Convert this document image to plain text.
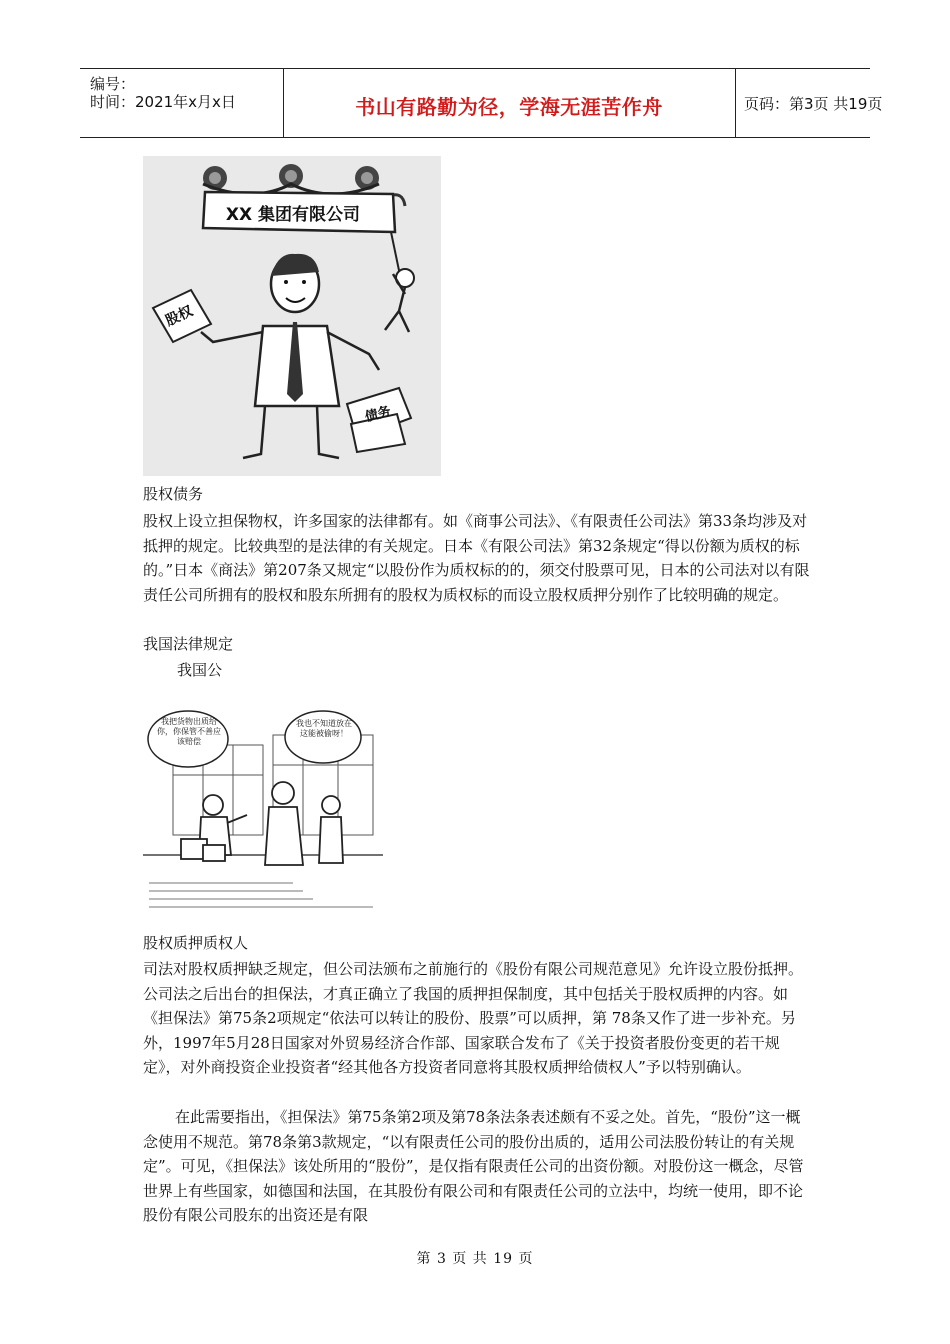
编号：
时间：2021年x月x日	书山有路勤为径，学海无涯苦作舟	页码：第3页 共19页
XX 集团有限公司
股权
债务
股权债务
股权上设立担保物权，许多国家的法律都有。如《商事公司法》、《有限责任公司法》第33条均涉及对抵押的规定。比较典型的是法律的有关规定。日本《有限公司法》第32条规定“得以份额为质权的标的。”日本《商法》第207条又规定“以股份作为质权标的的，须交付股票可见，日本的公司法对以有限责任公司所拥有的股权和股东所拥有的股权为质权标的而设立股权质押分别作了比较明确的规定。
我国法律规定
我国公
我把货物出质给你，你保管不善应该赔偿
我也不知道放在这能被偷呀！
股权质押质权人
司法对股权质押缺乏规定，但公司法颁布之前施行的《股份有限公司规范意见》允许设立股份抵押。公司法之后出台的担保法，才真正确立了我国的质押担保制度，其中包括关于股权质押的内容。如《担保法》第75条2项规定“依法可以转让的股份、股票”可以质押，第 78条又作了进一步补充。另外，1997年5月28日国家对外贸易经济合作部、国家联合发布了《关于投资者股份变更的若干规定》，对外商投资企业投资者“经其他各方投资者同意将其股权质押给债权人”予以特别确认。
在此需要指出，《担保法》第75条第2项及第78条法条表述颇有不妥之处。首先，“股份”这一概念使用不规范。第78条第3款规定，“以有限责任公司的股份出质的，适用公司法股份转让的有关规定”。可见，《担保法》该处所用的“股份”，是仅指有限责任公司的出资份额。对股份这一概念，尽管世界上有些国家，如德国和法国，在其股份有限公司和有限责任公司的立法中，均统一使用，即不论股份有限公司股东的出资还是有限
第 3 页 共 19 页
